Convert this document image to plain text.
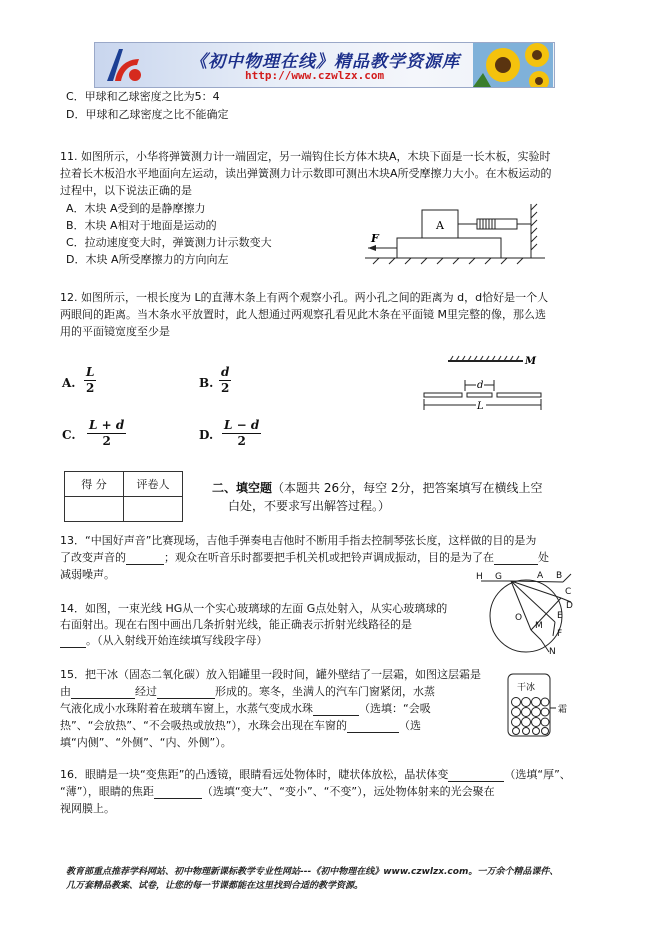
《初中物理在线》精品教学资源库
http://www.czwlzx.com
C．甲球和乙球密度之比为5：4
D．甲球和乙球密度之比不能确定
11. 如图所示，小华将弹簧测力计一端固定，另一端钩住长方体木块A，木块下面是一长木板，实验时
拉着长木板沿水平地面向左运动，读出弹簧测力计示数即可测出木块A所受摩擦力大小。在木板运动的
过程中，以下说法正确的是
A．木块 A受到的是静摩擦力
B．木块 A相对于地面是运动的
C．拉动速度变大时，弹簧测力计示数变大
D．木块 A所受摩擦力的方向向左
A
F
12. 如图所示，一根长度为 L的直薄木条上有两个观察小孔。两小孔之间的距离为 d，d恰好是一个人
两眼间的距离。当木条水平放置时，此人想通过两观察孔看见此木条在平面镜 M里完整的像，那么选
用的平面镜宽度至少是
A. $\frac{L}{2}$	B. $\frac{d}{2}$
C. $\frac{L + d}{2}$	D. $\frac{L - d}{2}$
M
d
L
得 分	评卷人
		二、填空题（本题共 26分，每空 2分，把答案填写在横线上空
白处，不要求写出解答过程。）
13．“中国好声音”比赛现场，吉他手弹奏电吉他时不断用手指去控制琴弦长度，这样做的目的是为
了改变声音的	；观众在听音乐时都要把手机关机或把铃声调成振动，目的是为了在	处
减弱噪声。
14．如图，一束光线 HG从一个实心玻璃球的左面 G点处射入，从实心玻璃球的
右面射出。现在右图中画出几条折射光线，能正确表示折射光线路径的是
。（从入射线开始连续填写线段字母）
H G	A B
C
D
E
O
M
F
N
15．把干冰（固态二氧化碳）放入铝罐里一段时间，罐外壁结了一层霜，如图这层霜是
由	经过	形成的。寒冬，坐满人的汽车门窗紧闭，水蒸
气液化成小水珠附着在玻璃车窗上，水蒸气变成水珠	（选填：“会吸
热”、“会放热”、“不会吸热或放热”），水珠会出现在车窗的	（选
填“内侧”、“外侧”、“内、外侧”）。
干冰
霜
16．眼睛是一块“变焦距”的凸透镜，眼睛看远处物体时，睫状体放松，晶状体变	（选填“厚”、
“薄”），眼睛的焦距	（选填“变大”、“变小”、“不变”），远处物体射来的光会聚在
视网膜上。
教育部重点推荐学科网站、初中物理新课标教学专业性网站---《初中物理在线》www.czwlzx.com。一万余个精品课件、
几万套精品教案、试卷，让您的每一节课都能在这里找到合适的教学资源。
